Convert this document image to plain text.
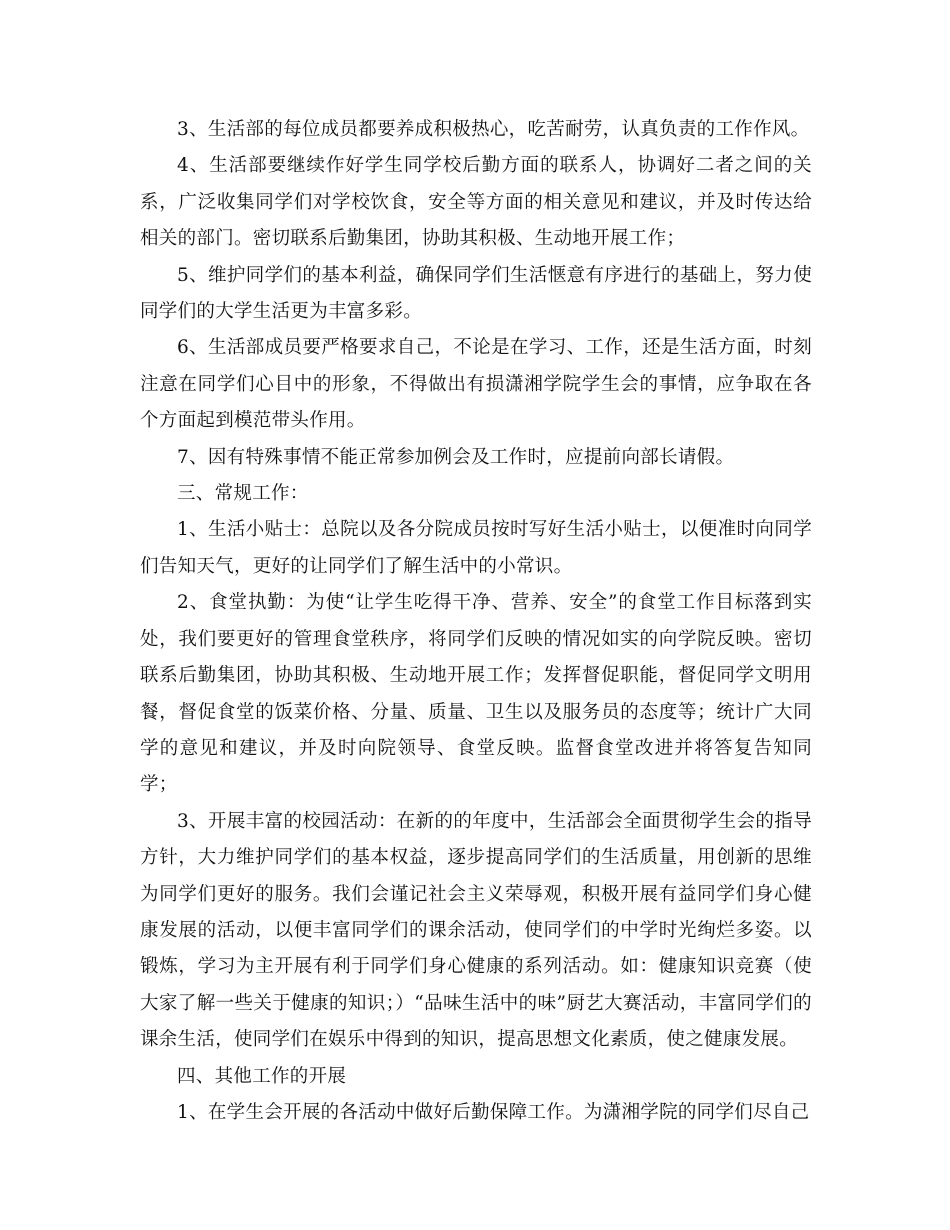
3、生活部的每位成员都要养成积极热心，吃苦耐劳，认真负责的工作作风。

4、生活部要继续作好学生同学校后勤方面的联系人，协调好二者之间的关系，广泛收集同学们对学校饮食，安全等方面的相关意见和建议，并及时传达给相关的部门。密切联系后勤集团，协助其积极、生动地开展工作；

5、维护同学们的基本利益，确保同学们生活惬意有序进行的基础上，努力使同学们的大学生活更为丰富多彩。

6、生活部成员要严格要求自己，不论是在学习、工作，还是生活方面，时刻注意在同学们心目中的形象，不得做出有损潇湘学院学生会的事情，应争取在各个方面起到模范带头作用。

7、因有特殊事情不能正常参加例会及工作时，应提前向部长请假。

三、常规工作：

1、生活小贴士：总院以及各分院成员按时写好生活小贴士，以便准时向同学们告知天气，更好的让同学们了解生活中的小常识。

2、食堂执勤：为使“让学生吃得干净、营养、安全”的食堂工作目标落到实处，我们要更好的管理食堂秩序，将同学们反映的情况如实的向学院反映。密切联系后勤集团，协助其积极、生动地开展工作；发挥督促职能，督促同学文明用餐，督促食堂的饭菜价格、分量、质量、卫生以及服务员的态度等；统计广大同学的意见和建议，并及时向院领导、食堂反映。监督食堂改进并将答复告知同学；

3、开展丰富的校园活动：在新的的年度中，生活部会全面贯彻学生会的指导方针，大力维护同学们的基本权益，逐步提高同学们的生活质量，用创新的思维为同学们更好的服务。我们会谨记社会主义荣辱观，积极开展有益同学们身心健康发展的活动，以便丰富同学们的课余活动，使同学们的中学时光绚烂多姿。以锻炼，学习为主开展有利于同学们身心健康的系列活动。如：健康知识竞赛（使大家了解一些关于健康的知识；）“品味生活中的味”厨艺大赛活动，丰富同学们的课余生活，使同学们在娱乐中得到的知识，提高思想文化素质，使之健康发展。

四、其他工作的开展

1、在学生会开展的各活动中做好后勤保障工作。为潇湘学院的同学们尽自己
